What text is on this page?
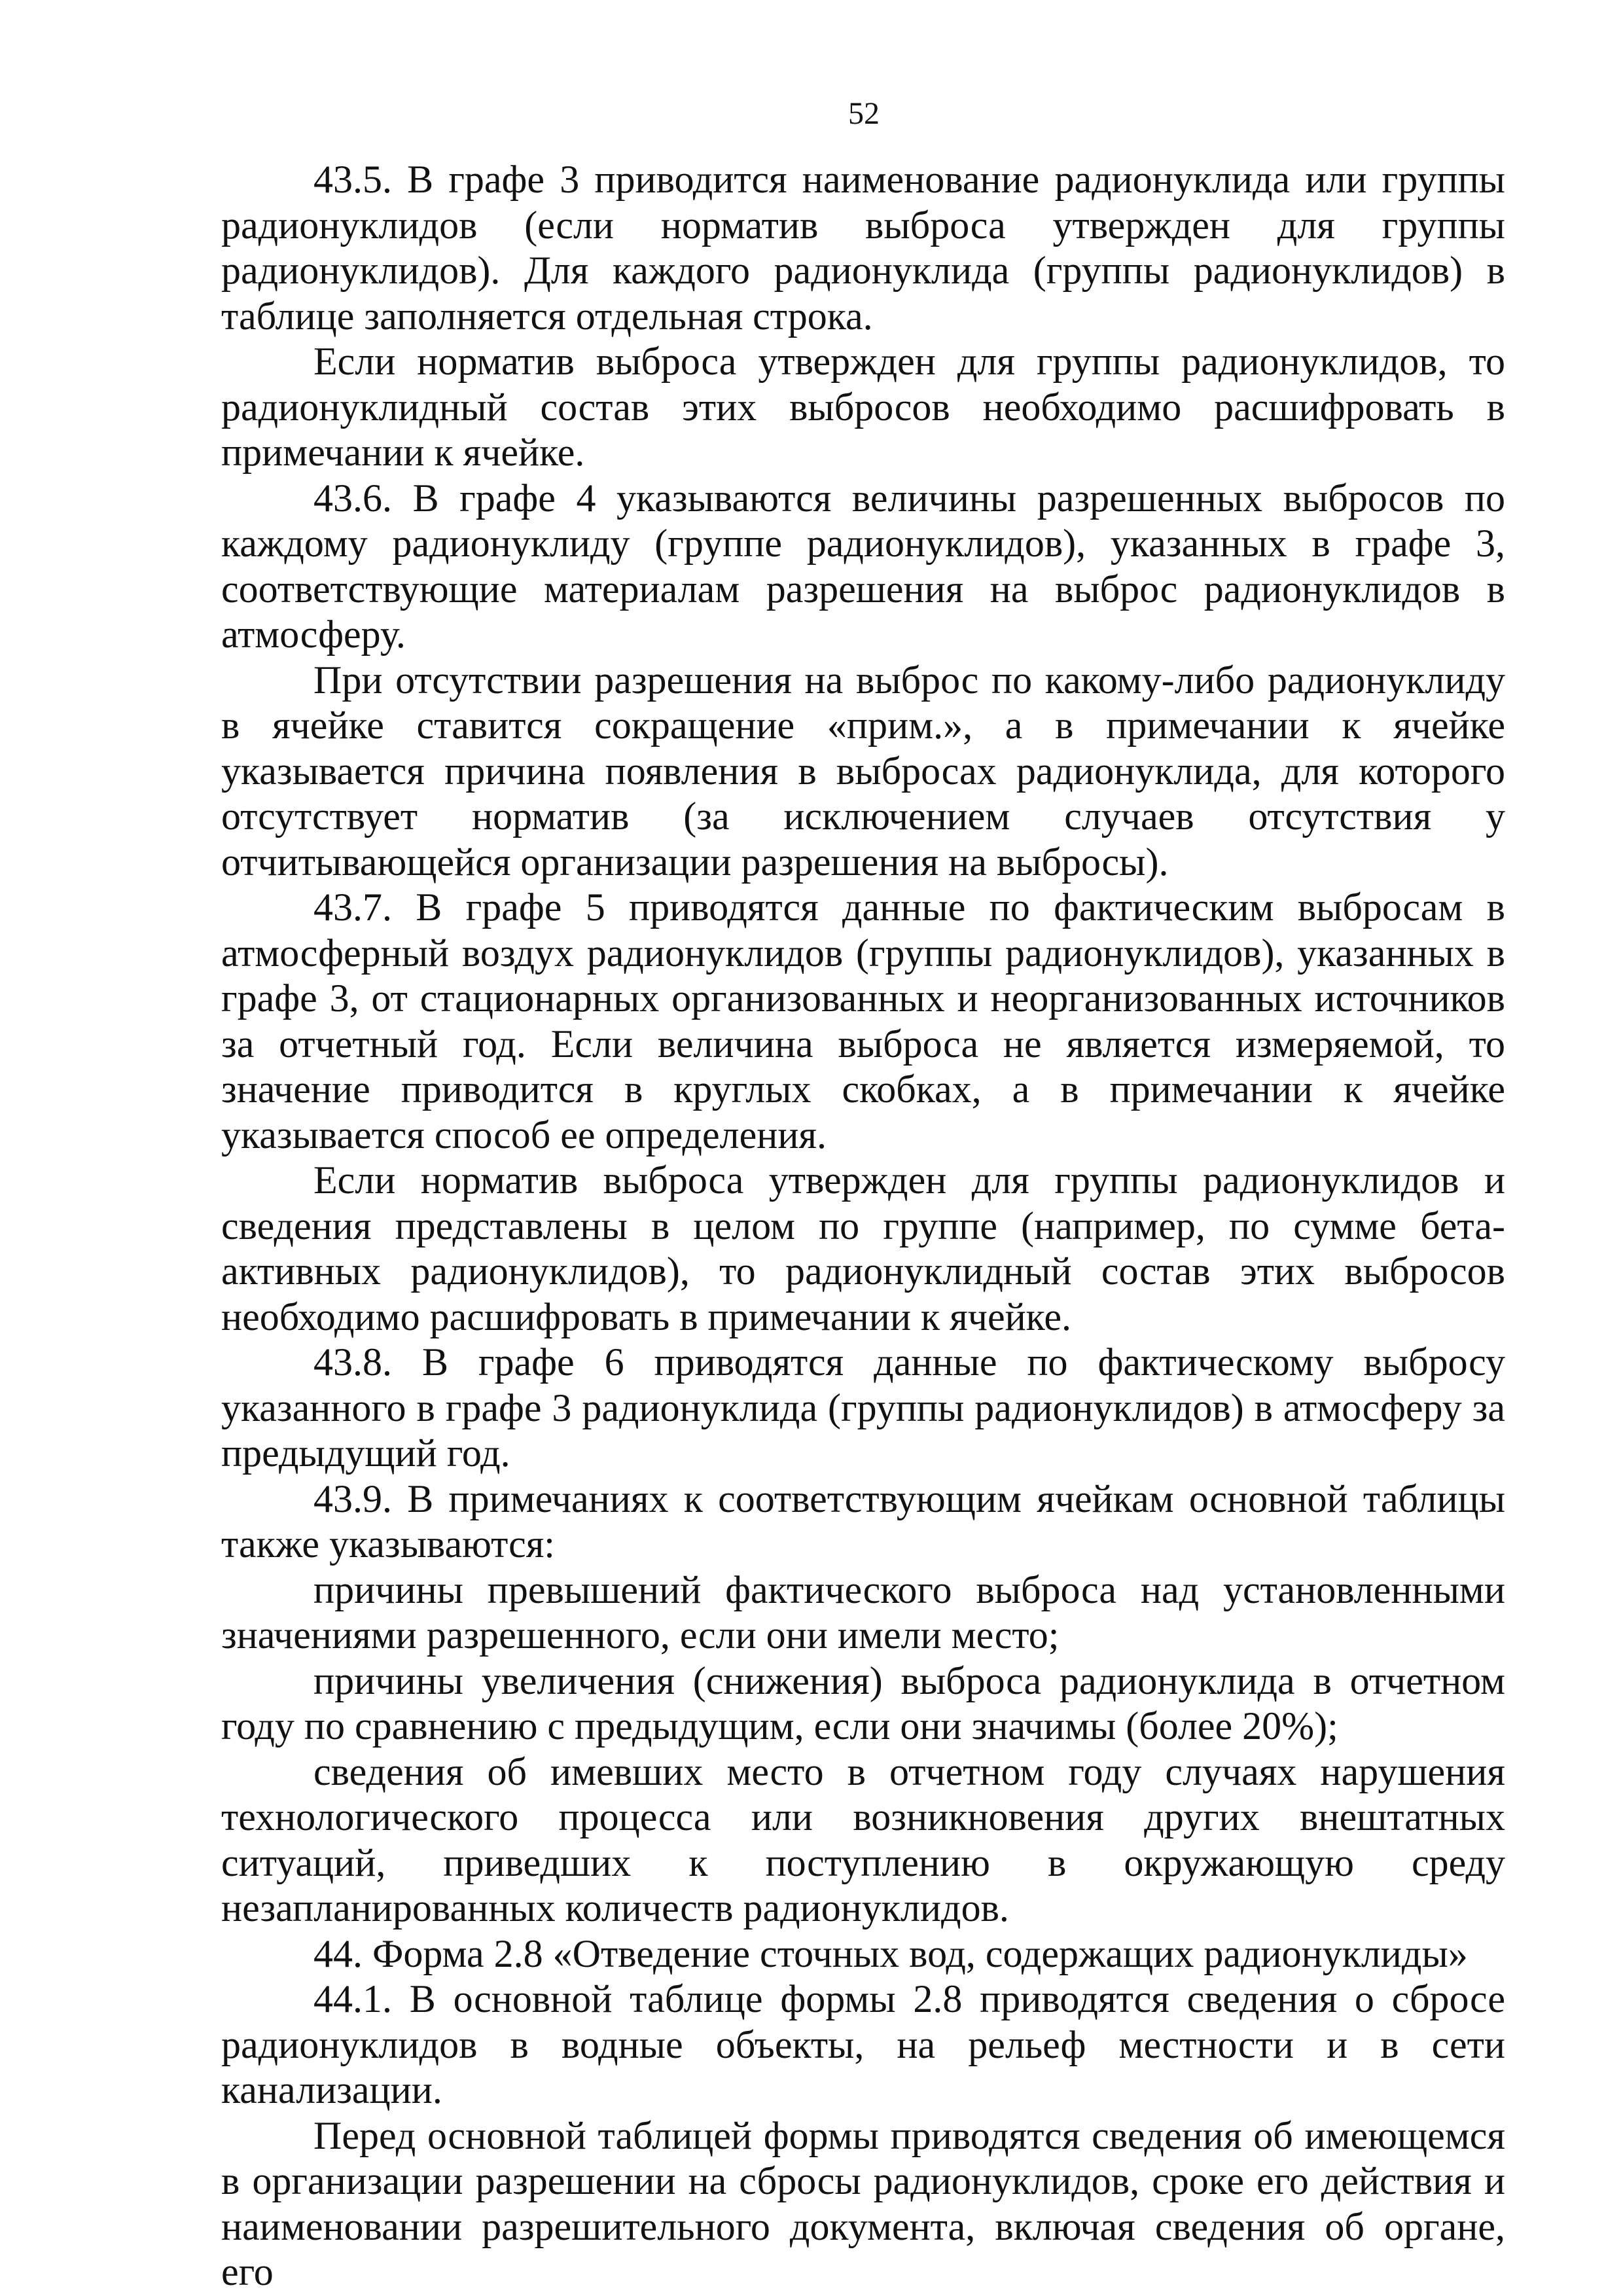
52

43.5. В графе 3 приводится наименование радионуклида или группы радионуклидов (если норматив выброса утвержден для группы радионуклидов). Для каждого радионуклида (группы радионуклидов) в таблице заполняется отдельная строка.

Если норматив выброса утвержден для группы радионуклидов, то радионуклидный состав этих выбросов необходимо расшифровать в примечании к ячейке.

43.6. В графе 4 указываются величины разрешенных выбросов по каждому радионуклиду (группе радионуклидов), указанных в графе 3, соответствующие материалам разрешения на выброс радионуклидов в атмосферу.

При отсутствии разрешения на выброс по какому-либо радионуклиду в ячейке ставится сокращение «прим.», а в примечании к ячейке указывается причина появления в выбросах радионуклида, для которого отсутствует норматив (за исключением случаев отсутствия у отчитывающейся организации разрешения на выбросы).

43.7. В графе 5 приводятся данные по фактическим выбросам в атмосферный воздух радионуклидов (группы радионуклидов), указанных в графе 3, от стационарных организованных и неорганизованных источников за отчетный год. Если величина выброса не является измеряемой, то значение приводится в круглых скобках, а в примечании к ячейке указывается способ ее определения.

Если норматив выброса утвержден для группы радионуклидов и сведения представлены в целом по группе (например, по сумме бета-активных радионуклидов), то радионуклидный состав этих выбросов необходимо расшифровать в примечании к ячейке.

43.8. В графе 6 приводятся данные по фактическому выбросу указанного в графе 3 радионуклида (группы радионуклидов) в атмосферу за предыдущий год.

43.9. В примечаниях к соответствующим ячейкам основной таблицы также указываются:

причины превышений фактического выброса над установленными значениями разрешенного, если они имели место;

причины увеличения (снижения) выброса радионуклида в отчетном году по сравнению с предыдущим, если они значимы (более 20%);

сведения об имевших место в отчетном году случаях нарушения технологического процесса или возникновения других внештатных ситуаций, приведших к поступлению в окружающую среду незапланированных количеств радионуклидов.

44. Форма 2.8 «Отведение сточных вод, содержащих радионуклиды»

44.1. В основной таблице формы 2.8 приводятся сведения о сбросе радионуклидов в водные объекты, на рельеф местности и в сети канализации.

Перед основной таблицей формы приводятся сведения об имеющемся в организации разрешении на сбросы радионуклидов, сроке его действия и наименовании разрешительного документа, включая сведения об органе, его
